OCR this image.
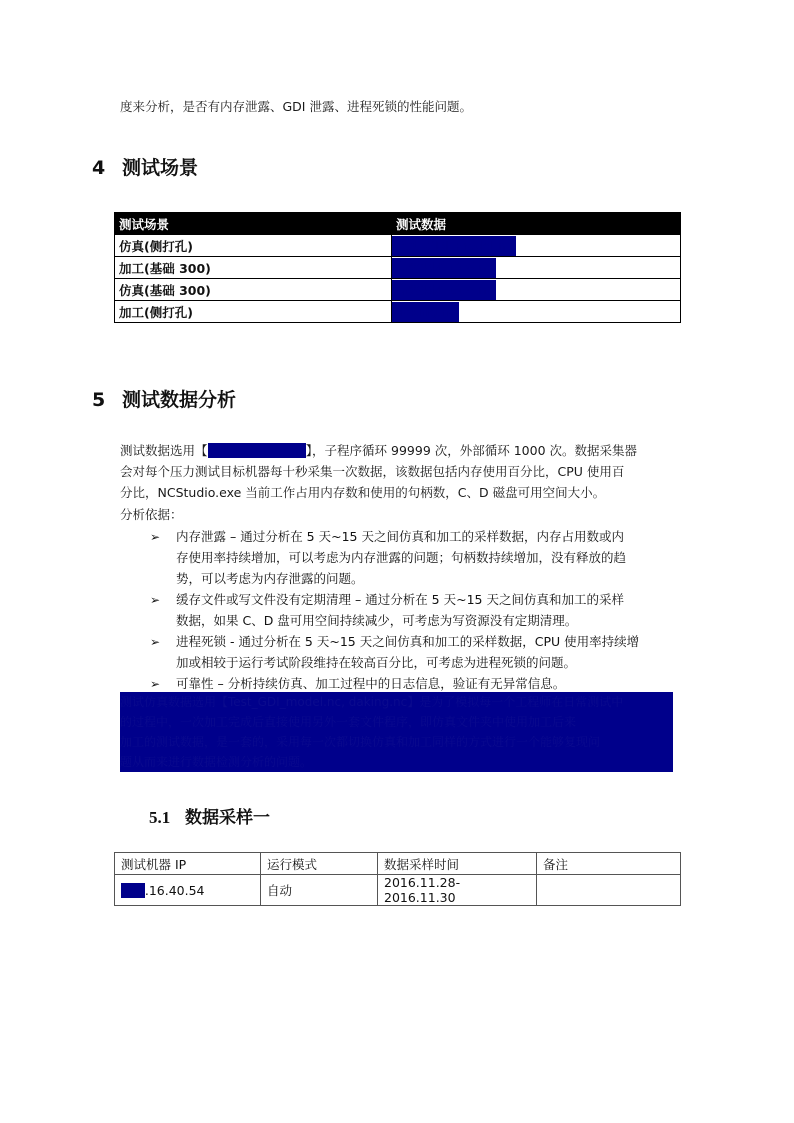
度来分析，是否有内存泄露、GDI 泄露、进程死锁的性能问题。
4 测试场景
测试场景	测试数据
仿真(侧打孔)	Test_GDI_model.nc
加工(基础 300)	高要集团-道环.nc
仿真(基础 300)	高要集团-道环.nc
加工(侧打孔)	daking.nc
5 测试数据分析
测试数据选用【高要集团-道环.nc】，子程序循环 99999 次，外部循环 1000 次。数据采集器
会对每个压力测试目标机器每十秒采集一次数据，该数据包括内存使用百分比，CPU 使用百
分比，NCStudio.exe 当前工作占用内存数和使用的句柄数，C、D 磁盘可用空间大小。
分析依据：
➢ 内存泄露 – 通过分析在 5 天~15 天之间仿真和加工的采样数据，内存占用数或内
存使用率持续增加，可以考虑为内存泄露的问题；句柄数持续增加，没有释放的趋
势，可以考虑为内存泄露的问题。
➢ 缓存文件或写文件没有定期清理 – 通过分析在 5 天~15 天之间仿真和加工的采样
数据，如果 C、D 盘可用空间持续减少，可考虑为写资源没有定期清理。
➢ 进程死锁 - 通过分析在 5 天~15 天之间仿真和加工的采样数据，CPU 使用率持续增
加或相较于运行考试阶段维持在较高百分比，可考虑为进程死锁的问题。
➢ 可靠性 – 分析持续仿真、加工过程中的日志信息，验证有无异常信息。
测试仿真数据选用【Test_GDI_model.nc, daking.nc】是为了模拟每一个工程师在日常测试中
的过程中，一次加工完成后直接使用另外一套文件程序，即仿真文件夹中使用加工后来
加工的测试数据，是一套的，采用每一次都切换仿真和加工同样的方式进行一个能够复现问
题从而来进行数据检测分析的问题。
5.1 数据采样一
测试机器 IP	运行模式	数据采样时间	备注
192.16.40.54	自动	2016.11.28-2016.11.30	
